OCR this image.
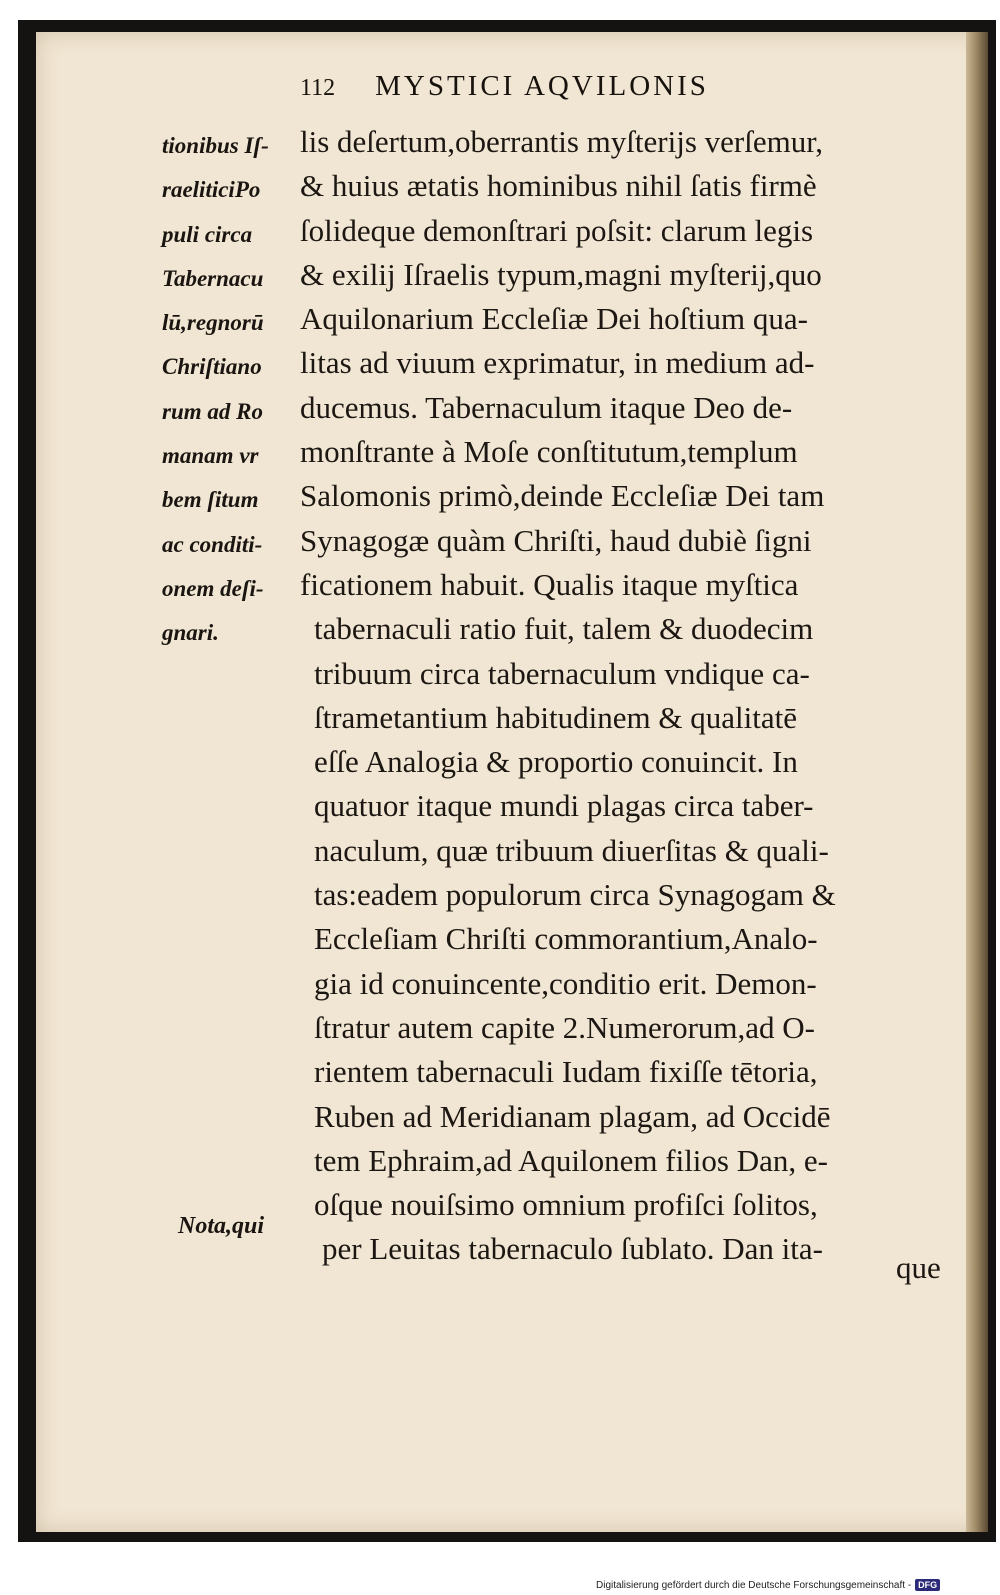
112 MYSTICI AQVILONIS
tionibus Iſ-
raeliticiPo
puli circa
Tabernacu
lū,regnorū
Chriſtiano
rum ad Ro
manam vr
bem ſitum
ac conditi-
onem deſi-
gnari.
Nota,qui
lis deſertum,oberrantis myſterijs verſemur,
& huius ætatis hominibus nihil ſatis firmè
ſolideque demonſtrari poſsit: clarum legis
& exilij Iſraelis typum,magni myſterij,quo
Aquilonarium Eccleſiæ Dei hoſtium qua-
litas ad viuum exprimatur, in medium ad-
ducemus. Tabernaculum itaque Deo de-
monſtrante à Moſe conſtitutum,templum
Salomonis primò,deinde Eccleſiæ Dei tam
Synagogæ quàm Chriſti, haud dubiè ſigni
ficationem habuit. Qualis itaque myſtica
tabernaculi ratio fuit, talem & duodecim
tribuum circa tabernaculum vndique ca-
ſtrametantium habitudinem & qualitatē
eſſe Analogia & proportio conuincit. In
quatuor itaque mundi plagas circa taber-
naculum, quæ tribuum diuerſitas & quali-
tas:eadem populorum circa Synagogam &
Eccleſiam Chriſti commorantium,Analo-
gia id conuincente,conditio erit. Demon-
ſtratur autem capite 2.Numerorum,ad O-
rientem tabernaculi Iudam fixiſſe tētoria,
Ruben ad Meridianam plagam, ad Occidē
tem Ephraim,ad Aquilonem filios Dan, e-
oſque nouiſsimo omnium profiſci ſolitos,
per Leuitas tabernaculo ſublato. Dan ita-
que
Digitalisierung gefördert durch die Deutsche Forschungsgemeinschaft - DFG
